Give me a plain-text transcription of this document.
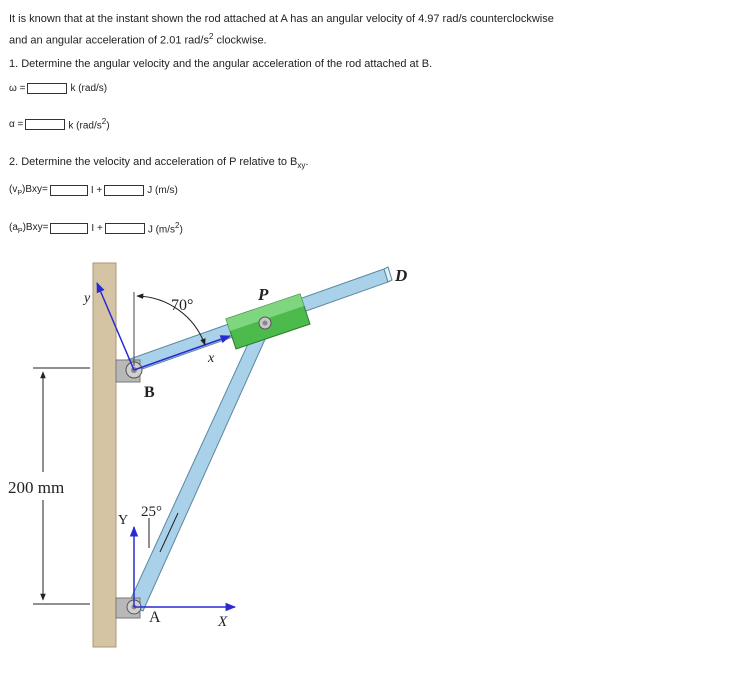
It is known that at the instant shown the rod attached at A has an angular velocity of 4.97 rad/s counterclockwise
and an angular acceleration of 2.01 rad/$s^2$ clockwise.
1. Determine the angular velocity and the angular acceleration of the rod attached at B.
ω =	k (rad/s)
α =	k $(rad/s^2)$
2. Determine the velocity and acceleration of P relative to $B_{xy}$.
$(v_P)Bxy=$	I +	J (m/s)
$(a_P)Bxy=$	I +	J $(m/s^2)$
200 mm
y
x
70°
D
P
B
A
25°
Y
X
